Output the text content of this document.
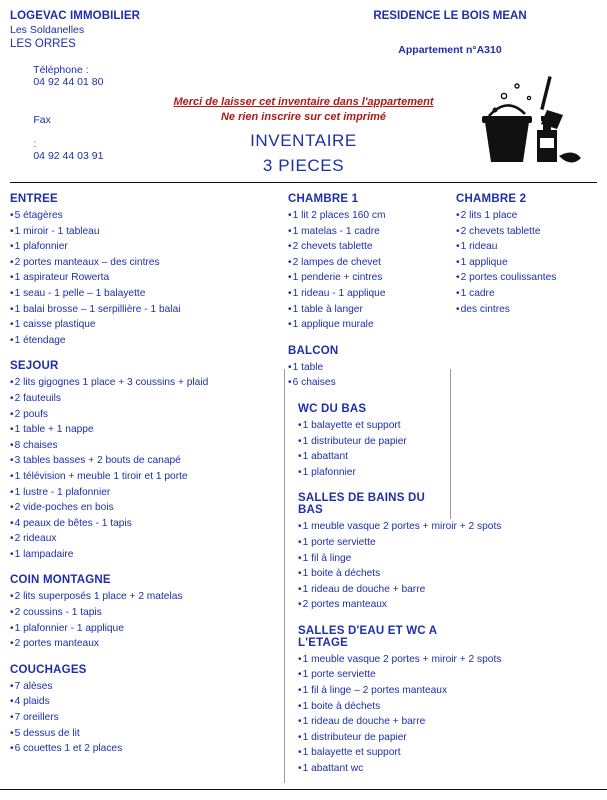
LOGEVAC IMMOBILIER
Les Soldanelles
LES ORRES

Téléphone :
04 92 44 01 80

Fax

:
04 92 44 03 91

RESIDENCE LE BOIS MEAN
Appartement n°A310
Merci de laisser cet inventaire dans l'appartement
Ne rien inscrire sur cet imprimé
INVENTAIRE
3 PIECES
ENTREE
• 5 étagères
• 1 miroir - 1 tableau
• 1 plafonnier
• 2 portes manteaux – des cintres
• 1 aspirateur Rowerta
• 1 seau - 1 pelle – 1 balayette
• 1 balai brosse – 1 serpillière - 1 balai
• 1 caisse plastique
• 1 étendage
SEJOUR
• 2 lits gigognes 1 place + 3 coussins + plaid
• 2 fauteuils
• 2 poufs
• 1 table + 1 nappe
• 8 chaises
• 3 tables basses + 2 bouts de canapé
• 1 télévision + meuble 1 tiroir et 1 porte
• 1 lustre - 1 plafonnier
• 2 vide-poches en bois
• 4 peaux de bêtes - 1 tapis
• 2 rideaux
• 1 lampadaire
COIN MONTAGNE
• 2 lits superposés 1 place + 2 matelas
• 2 coussins - 1 tapis
• 1 plafonnier - 1 applique
• 2 portes manteaux
COUCHAGES
• 7 alèses
• 4 plaids
• 7 oreillers
• 5 dessus de lit
• 6 couettes 1 et 2 places
CHAMBRE 1
• 1 lit 2 places 160 cm
• 1 matelas - 1 cadre
• 2 chevets tablette
• 2 lampes de chevet
• 1 penderie + cintres
• 1 rideau - 1 applique
• 1 table à langer
• 1 applique murale
BALCON
• 1 table
• 6 chaises
WC DU BAS
• 1 balayette et support
• 1 distributeur de papier
• 1 abattant
• 1 plafonnier
SALLES DE BAINS DU BAS
• 1 meuble vasque 2 portes + miroir + 2 spots
• 1 porte serviette
• 1 fil à linge
• 1 boite à déchets
• 1 rideau de douche + barre
• 2 portes manteaux
SALLES D'EAU ET WC A L'ETAGE
• 1 meuble vasque 2 portes + miroir + 2 spots
• 1 porte serviette
• 1 fil à linge – 2 portes manteaux
• 1 boite à déchets
• 1 rideau de douche + barre
• 1 distributeur de papier
• 1 balayette et support
• 1 abattant wc
CHAMBRE 2
• 2 lits 1 place
• 2 chevets tablette
• 1 rideau
• 1 applique
• 2 portes coulissantes
• 1 cadre
• des cintres
